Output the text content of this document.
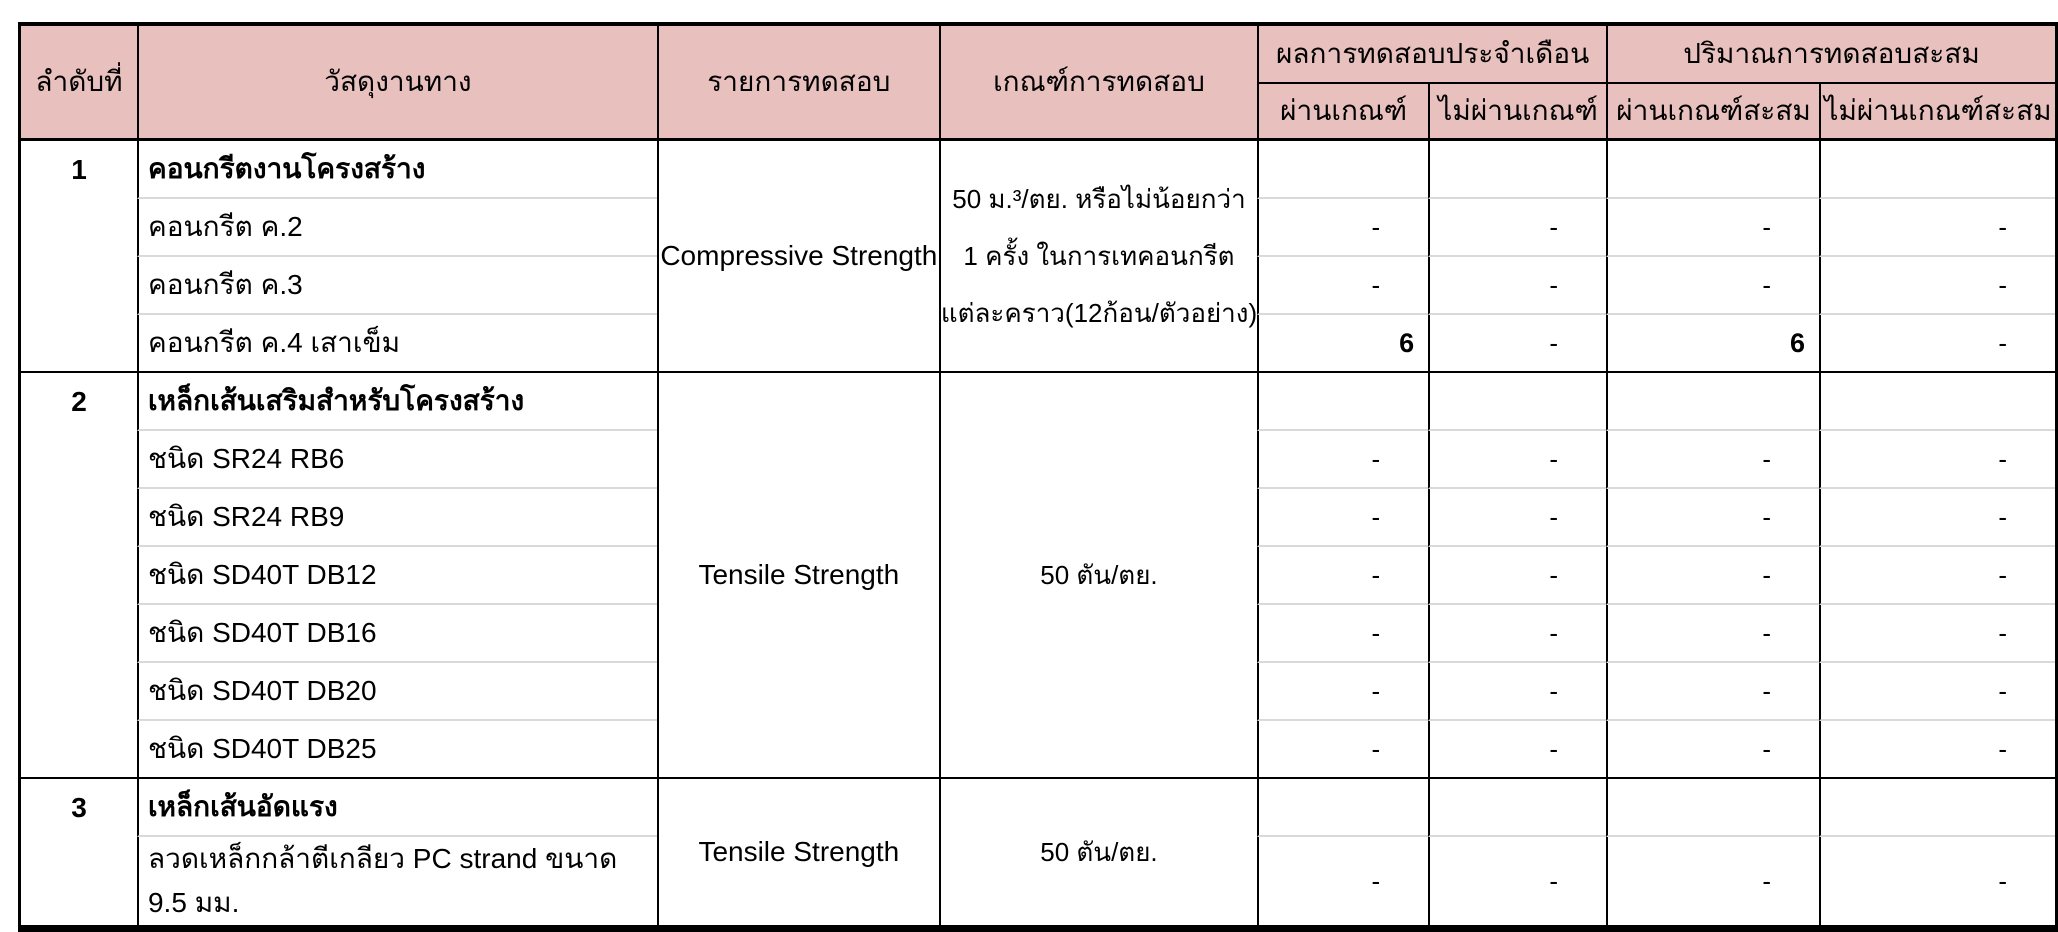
ลำดับที่	วัสดุงานทาง	รายการทดสอบ	เกณฑ์การทดสอบ	ผลการทดสอบประจำเดือน		ปริมาณการทดสอบสะสม	
				ผ่านเกณฑ์	ไม่ผ่านเกณฑ์	ผ่านเกณฑ์สะสม	ไม่ผ่านเกณฑ์สะสม

1	คอนกรีตงานโครงสร้าง	Compressive Strength	50 ม.³/ตย. หรือไม่น้อยกว่า
1 ครั้ง ในการเทคอนกรีต
แต่ละคราว(12ก้อน/ตัวอย่าง)				

	คอนกรีต ค.2			-	-	-	-
	คอนกรีต ค.3			-	-	-	-
	คอนกรีต ค.4 เสาเข็ม			6	-	6	-

2	เหล็กเส้นเสริมสำหรับโครงสร้าง	Tensile Strength	50 ตัน/ตย.				

	ชนิด SR24 RB6			-	-	-	-
	ชนิด SR24 RB9			-	-	-	-
	ชนิด SD40T DB12			-	-	-	-
	ชนิด SD40T DB16			-	-	-	-
	ชนิด SD40T DB20			-	-	-	-
	ชนิด SD40T DB25			-	-	-	-

3	เหล็กเส้นอัดแรง	Tensile Strength	50 ตัน/ตย.				

	ลวดเหล็กกล้าตีเกลียว PC strand ขนาด 9.5 มม.			-	-	-	-
